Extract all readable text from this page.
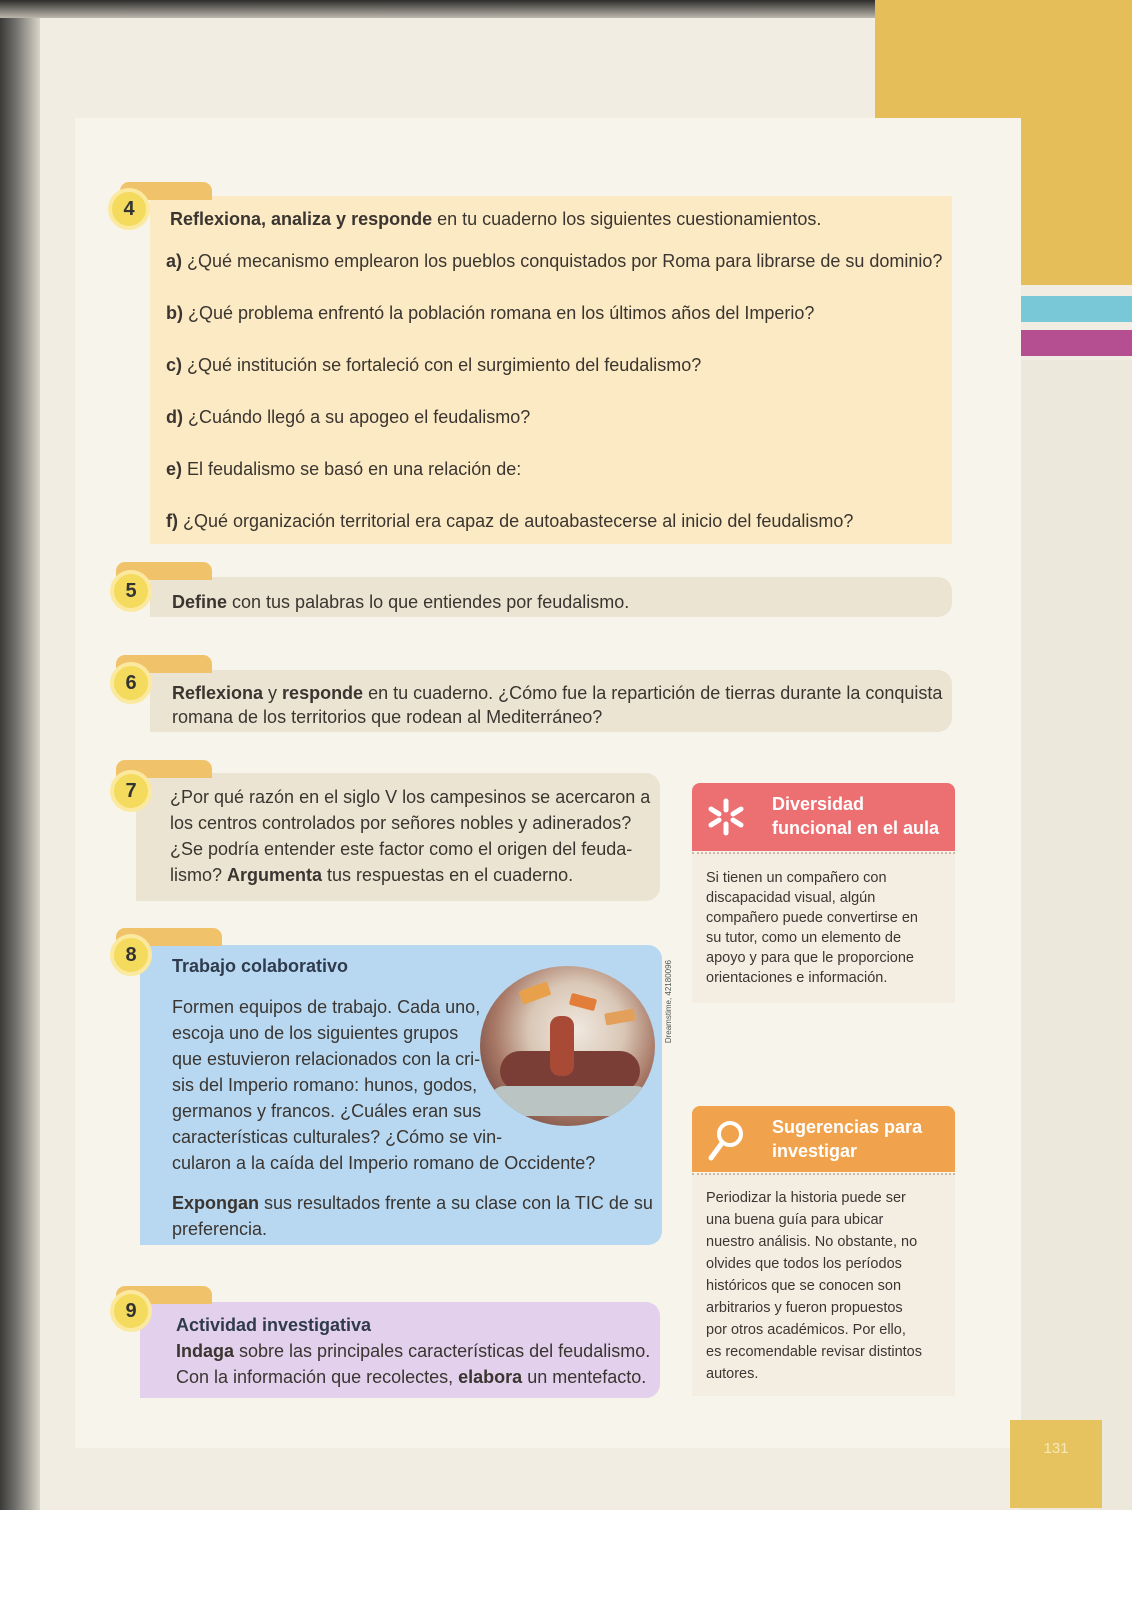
131
4	Reflexiona, analiza y responde en tu cuaderno los siguientes cuestionamientos.
a) ¿Qué mecanismo emplearon los pueblos conquistados por Roma para librarse de su dominio?
b) ¿Qué problema enfrentó la población romana en los últimos años del Imperio?
c) ¿Qué institución se fortaleció con el surgimiento del feudalismo?
d) ¿Cuándo llegó a su apogeo el feudalismo?
e) El feudalismo se basó en una relación de:
f) ¿Qué organización territorial era capaz de autoabastecerse al inicio del feudalismo?
5	Define con tus palabras lo que entiendes por feudalismo.
6	Reflexiona y responde en tu cuaderno. ¿Cómo fue la repartición de tierras durante la conquista
romana de los territorios que rodean al Mediterráneo?
7	¿Por qué razón en el siglo V los campesinos se acercaron a
los centros controlados por señores nobles y adinerados?
¿Se podría entender este factor como el origen del feuda-
lismo? Argumenta tus respuestas en el cuaderno.
8	Trabajo colaborativo
Formen equipos de trabajo. Cada uno,
escoja uno de los siguientes grupos
que estuvieron relacionados con la cri-
sis del Imperio romano: hunos, godos,
germanos y francos. ¿Cuáles eran sus
características culturales? ¿Cómo se vin-
cularon a la caída del Imperio romano de Occidente?
Expongan sus resultados frente a su clase con la TIC de su
preferencia.
Dreamstime, 42180096
9
Actividad investigativa
Indaga sobre las principales características del feudalismo.
Con la información que recolectes, elabora un mentefacto.
Diversidad
funcional en el aula
Si tienen un compañero con
discapacidad visual, algún
compañero puede convertirse en
su tutor, como un elemento de
apoyo y para que le proporcione
orientaciones e información.
Sugerencias para
investigar
Periodizar la historia puede ser
una buena guía para ubicar
nuestro análisis. No obstante, no
olvides que todos los períodos
históricos que se conocen son
arbitrarios y fueron propuestos
por otros académicos. Por ello,
es recomendable revisar distintos
autores.
